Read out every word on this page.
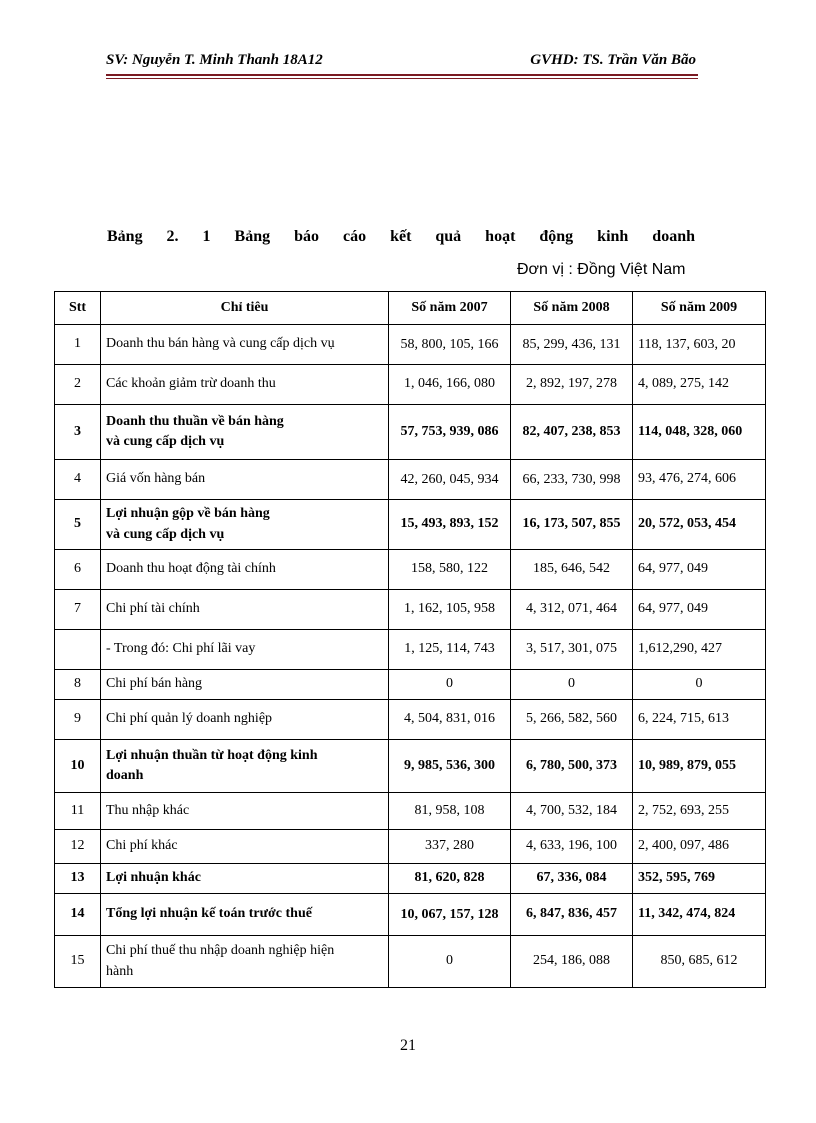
SV: Nguyễn T. Minh Thanh 18A12	GVHD: TS. Trần Văn Bão
Bảng 2. 1 Bảng báo cáo kết quả hoạt động kinh doanh
Đơn vị : Đồng Việt Nam
Stt	Chỉ tiêu	Số năm 2007	Số năm 2008	Số năm 2009
1	Doanh thu bán hàng và cung cấp dịch vụ	58, 800, 105, 166	85, 299, 436, 131	118, 137, 603, 20

2	Các khoản giảm trừ doanh thu	1, 046, 166, 080	2, 892, 197, 278	4, 089, 275, 142
3	Doanh thu thuần về bán hàng
và cung cấp dịch vụ	57, 753, 939, 086	82, 407, 238, 853	114, 048, 328, 060
4	Giá vốn hàng bán	42, 260, 045, 934	66, 233, 730, 998	93, 476, 274, 606
5	Lợi nhuận gộp về bán hàng
và cung cấp dịch vụ	15, 493, 893, 152	16, 173, 507, 855	20, 572, 053, 454
6	Doanh thu hoạt động tài chính	158, 580, 122	185, 646, 542	64, 977, 049
7	Chi phí tài chính	1, 162, 105, 958	4, 312, 071, 464	64, 977, 049
	- Trong đó: Chi phí lãi vay	1, 125, 114, 743	3, 517, 301, 075	1,612,290, 427
8	Chi phí bán hàng	0	0	0
9	Chi phí quản lý doanh nghiệp	4, 504, 831, 016	5, 266, 582, 560	6, 224, 715, 613
10	Lợi nhuận thuần từ hoạt động kinh
doanh	9, 985, 536, 300	6, 780, 500, 373	10, 989, 879, 055
11	Thu nhập khác	81, 958, 108	4, 700, 532, 184	2, 752, 693, 255
12	Chi phí khác	337, 280	4, 633, 196, 100	2, 400, 097, 486
13	Lợi nhuận khác	81, 620, 828	67, 336, 084	352, 595, 769
14	Tổng lợi nhuận kế toán trước thuế	10, 067, 157, 128	6, 847, 836, 457	11, 342, 474, 824
15	Chi phí thuế thu nhập doanh nghiệp hiện
hành	0	254, 186, 088	850, 685, 612
21
